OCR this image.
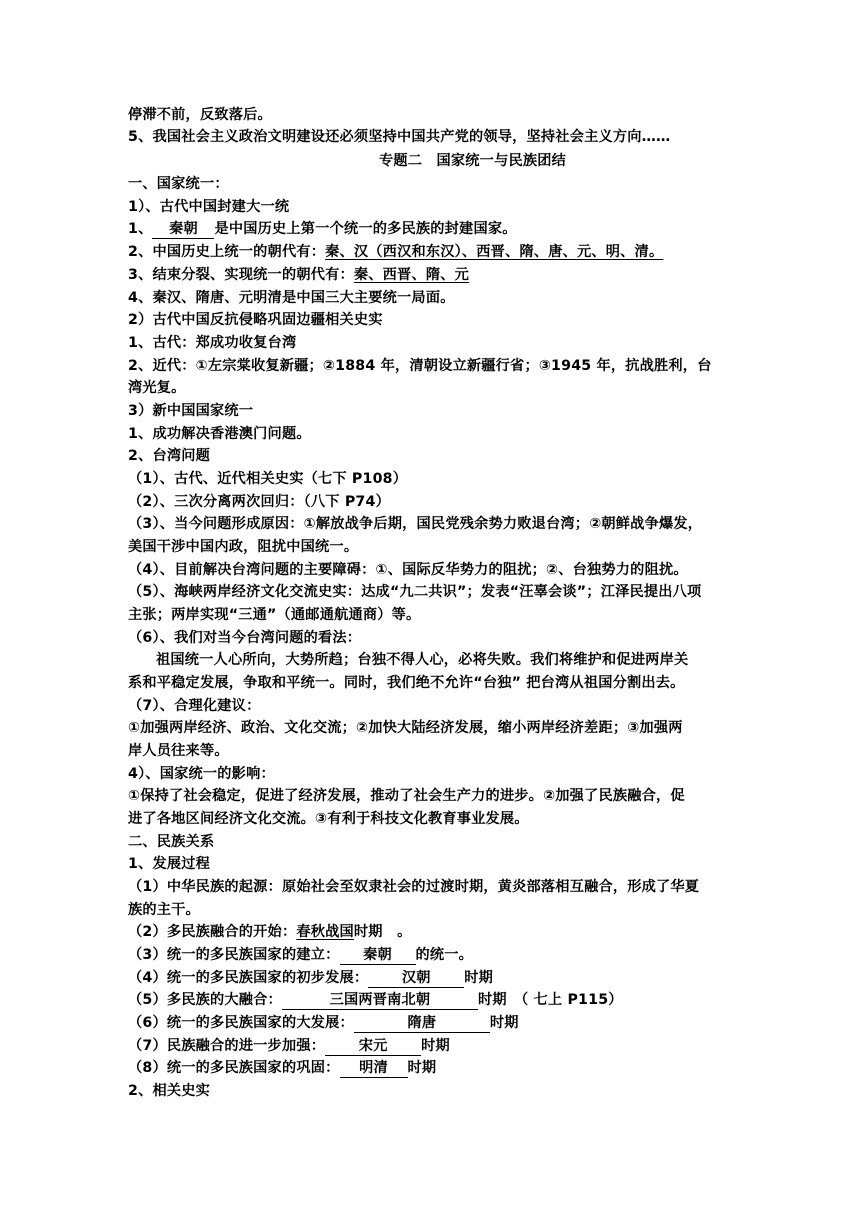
停滞不前，反致落后。
5、我国社会主义政治文明建设还必须坚持中国共产党的领导，坚持社会主义方向……
专题二　国家统一与民族团结
一、国家统一：
1）、古代中国封建大一统
1、 秦朝 是中国历史上第一个统一的多民族的封建国家。
2、中国历史上统一的朝代有：秦、汉（西汉和东汉）、西晋、隋、唐、元、明、清。
3、结束分裂、实现统一的朝代有：秦、西晋、隋、元
4、秦汉、隋唐、元明清是中国三大主要统一局面。
2）古代中国反抗侵略巩固边疆相关史实
1、古代：郑成功收复台湾
2、近代：①左宗棠收复新疆；②1884 年，清朝设立新疆行省；③1945 年，抗战胜利，台
湾光复。
3）新中国国家统一
1、成功解决香港澳门问题。
2、台湾问题
（1）、古代、近代相关史实（七下 P108）
（2）、三次分离两次回归：（八下 P74）
（3）、当今问题形成原因：①解放战争后期，国民党残余势力败退台湾；②朝鲜战争爆发，
美国干涉中国内政，阻扰中国统一。
（4）、目前解决台湾问题的主要障碍：①、国际反华势力的阻扰；②、台独势力的阻扰。
（5）、海峡两岸经济文化交流史实：达成“九二共识”；发表“汪辜会谈”；江泽民提出八项
主张；两岸实现“三通”（通邮通航通商）等。
（6）、我们对当今台湾问题的看法：
祖国统一人心所向，大势所趋；台独不得人心，必将失败。我们将维护和促进两岸关
系和平稳定发展，争取和平统一。同时，我们绝不允许“台独” 把台湾从祖国分割出去。
（7）、合理化建议：
①加强两岸经济、政治、文化交流；②加快大陆经济发展，缩小两岸经济差距；③加强两
岸人员往来等。
4）、国家统一的影响：
①保持了社会稳定，促进了经济发展，推动了社会生产力的进步。②加强了民族融合，促
进了各地区间经济文化交流。③有利于科技文化教育事业发展。
二、民族关系
1、发展过程
（1）中华民族的起源：原始社会至奴隶社会的过渡时期，黄炎部落相互融合，形成了华夏
族的主干。
（2）多民族融合的开始：春秋战国时期　。
（3）统一的多民族国家的建立： 秦朝 的统一。
（4）统一的多民族国家的初步发展： 汉朝 时期
（5）多民族的大融合：	三国两晋南北朝	时期　（ 七上 P115）
（6）统一的多民族国家的大发展：	隋唐	时期
（7）民族融合的进一步加强： 宋元 时期
（8）统一的多民族国家的巩固： 明清 时期
2、相关史实
